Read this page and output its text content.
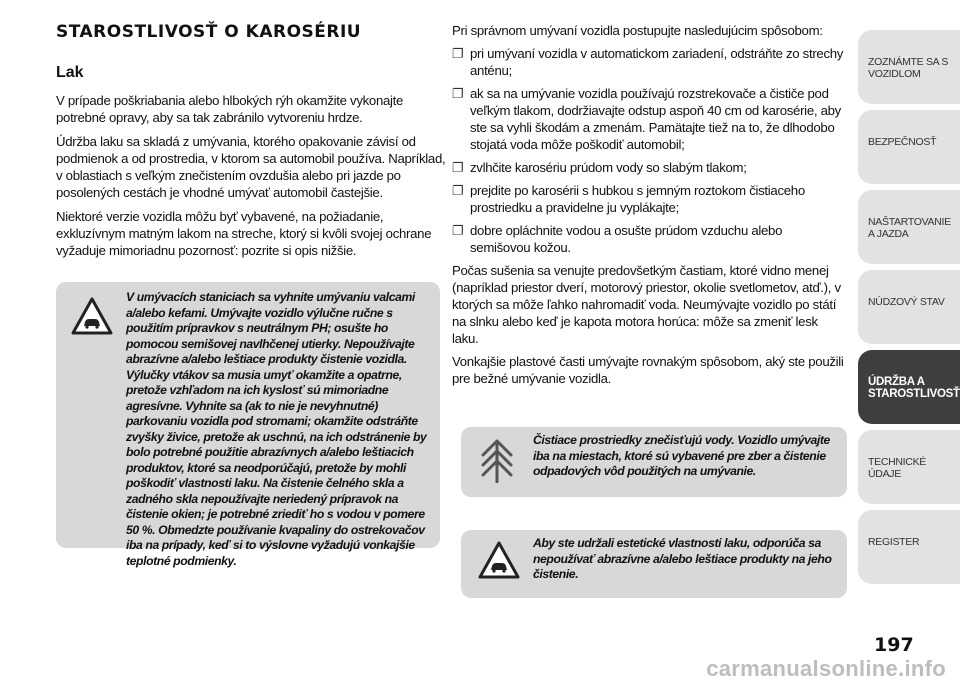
STAROSTLIVOSŤ O KAROSÉRIU
Lak

V prípade poškriabania alebo hlbokých rýh okamžite vykonajte potrebné opravy, aby sa tak zabránilo vytvoreniu hrdze.

Údržba laku sa skladá z umývania, ktorého opakovanie závisí od podmienok a od prostredia, v ktorom sa automobil používa. Napríklad, v oblastiach s veľkým znečistením ovzdušia alebo pri jazde po posolených cestách je vhodné umývať automobil častejšie.

Niektoré verzie vozidla môžu byť vybavené, na požiadanie, exkluzívnym matným lakom na streche, ktorý si kvôli svojej ochrane vyžaduje mimoriadnu pozornosť: pozrite si opis nižšie.

V umývacích staniciach sa vyhnite umývaniu valcami a/alebo kefami. Umývajte vozidlo výlučne ručne s použitím prípravkov s neutrálnym PH; osušte ho pomocou semišovej navlhčenej utierky. Nepoužívajte abrazívne a/alebo leštiace produkty čistenie vozidla. Výlučky vtákov sa musia umyť okamžite a opatrne, pretože vzhľadom na ich kyslosť sú mimoriadne agresívne. Vyhnite sa (ak to nie je nevyhnutné) parkovaniu vozidla pod stromami; okamžite odstráňte zvyšky živice, pretože ak uschnú, na ich odstránenie by bolo potrebné použitie abrazívnych a/alebo leštiacich produktov, ktoré sa neodporúčajú, pretože by mohli poškodiť vlastnosti laku. Na čistenie čelného skla a zadného skla nepoužívajte neriedený prípravok na čistenie okien; je potrebné zriediť ho s vodou v pomere 50 %. Obmedzte používanie kvapaliny do ostrekovačov iba na prípady, keď si to výslovne vyžadujú vonkajšie teplotné podmienky.

Pri správnom umývaní vozidla postupujte nasledujúcim spôsobom:

❐ pri umývaní vozidla v automatickom zariadení, odstráňte zo strechy anténu;
❐ ak sa na umývanie vozidla používajú rozstrekovače a čističe pod veľkým tlakom, dodržiavajte odstup aspoň 40 cm od karosérie, aby ste sa vyhli škodám a zmenám. Pamätajte tiež na to, že dlhodobo stojatá voda môže poškodiť automobil;
❐ zvlhčite karosériu prúdom vody so slabým tlakom;
❐ prejdite po karosérii s hubkou s jemným roztokom čistiaceho prostriedku a pravidelne ju vyplákajte;
❐ dobre opláchnite vodou a osušte prúdom vzduchu alebo semišovou kožou.

Počas sušenia sa venujte predovšetkým častiam, ktoré vidno menej (napríklad priestor dverí, motorový priestor, okolie svetlometov, atď.), v ktorých sa môže ľahko nahromadiť voda. Neumývajte vozidlo po státí na slnku alebo keď je kapota motora horúca: môže sa zmeniť lesk laku.

Vonkajšie plastové časti umývajte rovnakým spôsobom, aký ste použili pre bežné umývanie vozidla.

Čistiace prostriedky znečisťujú vody. Vozidlo umývajte iba na miestach, ktoré sú vybavené pre zber a čistenie odpadových vôd použitých na umývanie.

Aby ste udržali estetické vlastnosti laku, odporúča sa nepoužívať abrazívne a/alebo leštiace produkty na jeho čistenie.

ZOZNÁMTE SA S VOZIDLOM
BEZPEČNOSŤ
NAŠTARTOVANIE A JAZDA
NÚDZOVÝ STAV
ÚDRŽBA A STAROSTLIVOSŤ
TECHNICKÉ ÚDAJE
REGISTER
197
carmanualsonline.info
